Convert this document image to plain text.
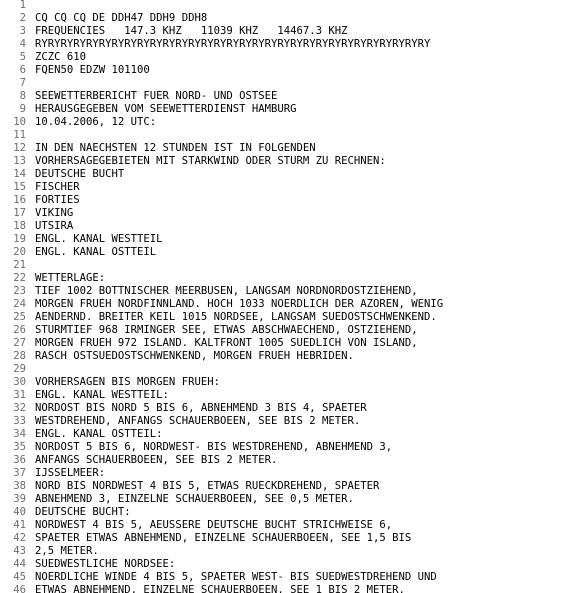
1
2 CQ CQ CQ DE DDH47 DDH9 DDH8
3 FREQUENCIES   147.3 KHZ   11039 KHZ   14467.3 KHZ
4 RYRYRYRYRYRYRYRYRYRYRYRYRYRYRYRYRYRYRYRYRYRYRYRYRYRYRYRYRYRYRY
5 ZCZC 610
6 FQEN50 EDZW 101100
7
8 SEEWETTERBERICHT FUER NORD- UND OSTSEE
9 HERAUSGEGEBEN VOM SEEWETTERDIENST HAMBURG
10 10.04.2006, 12 UTC:
11
12 IN DEN NAECHSTEN 12 STUNDEN IST IN FOLGENDEN
13 VORHERSAGEGEBIETEN MIT STARKWIND ODER STURM ZU RECHNEN:
14 DEUTSCHE BUCHT
15 FISCHER
16 FORTIES
17 VIKING
18 UTSIRA
19 ENGL. KANAL WESTTEIL
20 ENGL. KANAL OSTTEIL
21
22 WETTERLAGE:
23 TIEF 1002 BOTTNISCHER MEERBUSEN, LANGSAM NORDNORDOSTZIEHEND,
24 MORGEN FRUEH NORDFINNLAND. HOCH 1033 NOERDLICH DER AZOREN, WENIG
25 AENDERND. BREITER KEIL 1015 NORDSEE, LANGSAM SUEDOSTSCHWENKEND.
26 STURMTIEF 968 IRMINGER SEE, ETWAS ABSCHWAECHEND, OSTZIEHEND,
27 MORGEN FRUEH 972 ISLAND. KALTFRONT 1005 SUEDLICH VON ISLAND,
28 RASCH OSTSUEDOSTSCHWENKEND, MORGEN FRUEH HEBRIDEN.
29
30 VORHERSAGEN BIS MORGEN FRUEH:
31 ENGL. KANAL WESTTEIL:
32 NORDOST BIS NORD 5 BIS 6, ABNEHMEND 3 BIS 4, SPAETER
33 WESTDREHEND, ANFANGS SCHAUERBOEEN, SEE BIS 2 METER.
34 ENGL. KANAL OSTTEIL:
35 NORDOST 5 BIS 6, NORDWEST- BIS WESTDREHEND, ABNEHMEND 3,
36 ANFANGS SCHAUERBOEEN, SEE BIS 2 METER.
37 IJSSELMEER:
38 NORD BIS NORDWEST 4 BIS 5, ETWAS RUECKDREHEND, SPAETER
39 ABNEHMEND 3, EINZELNE SCHAUERBOEEN, SEE 0,5 METER.
40 DEUTSCHE BUCHT:
41 NORDWEST 4 BIS 5, AEUSSERE DEUTSCHE BUCHT STRICHWEISE 6,
42 SPAETER ETWAS ABNEHMEND, EINZELNE SCHAUERBOEEN, SEE 1,5 BIS
43 2,5 METER.
44 SUEDWESTLICHE NORDSEE:
45 NOERDLICHE WINDE 4 BIS 5, SPAETER WEST- BIS SUEDWESTDREHEND UND
46 ETWAS ABNEHMEND, EINZELNE SCHAUERBOEEN, SEE 1 BIS 2 METER.
